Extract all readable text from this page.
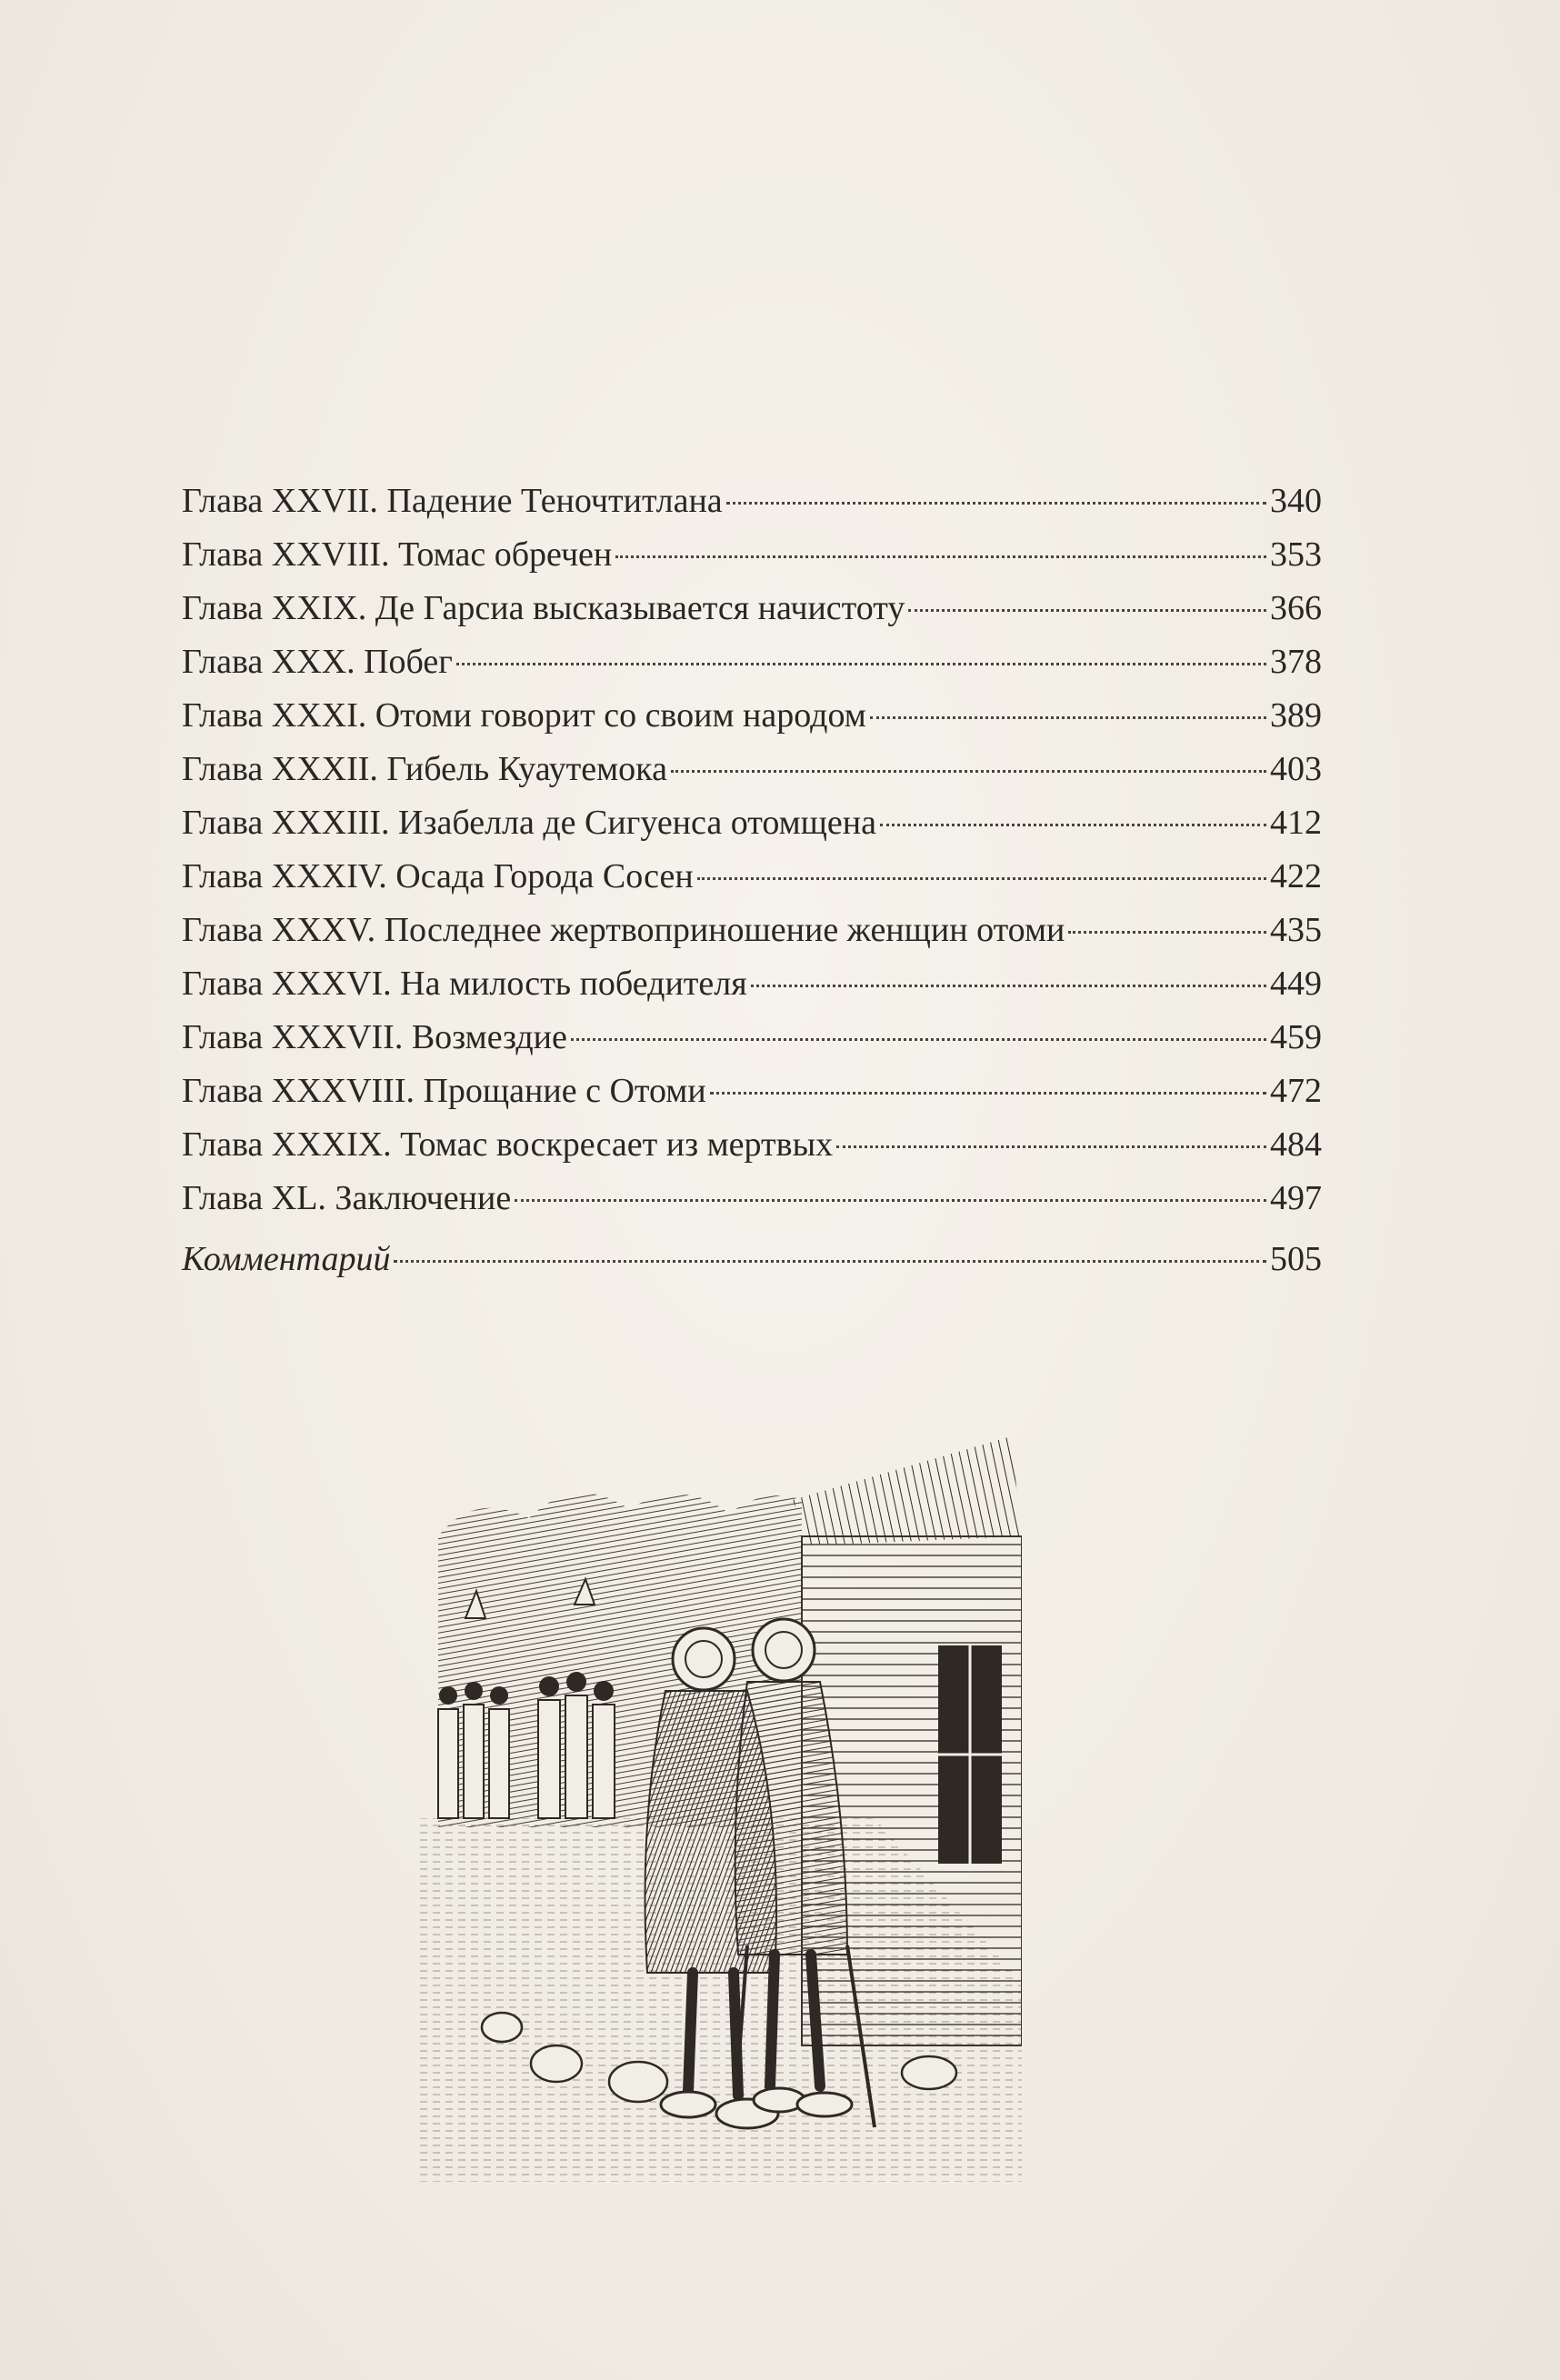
Глава XXVII. Падение Теночтитлана	340
Глава XXVIII. Томас обречен	353
Глава XXIX. Де Гарсиа высказывается начистоту	366
Глава XXX. Побег	378
Глава XXXI. Отоми говорит со своим народом	389
Глава XXXII. Гибель Куаутемока	403
Глава XXXIII. Изабелла де Сигуенса отомщена	412
Глава XXXIV. Осада Города Сосен	422
Глава XXXV. Последнее жертвоприношение женщин отоми	435
Глава XXXVI. На милость победителя	449
Глава XXXVII. Возмездие	459
Глава XXXVIII. Прощание с Отоми	472
Глава XXXIX. Томас воскресает из мертвых	484
Глава XL. Заключение	497
Комментарий	505
